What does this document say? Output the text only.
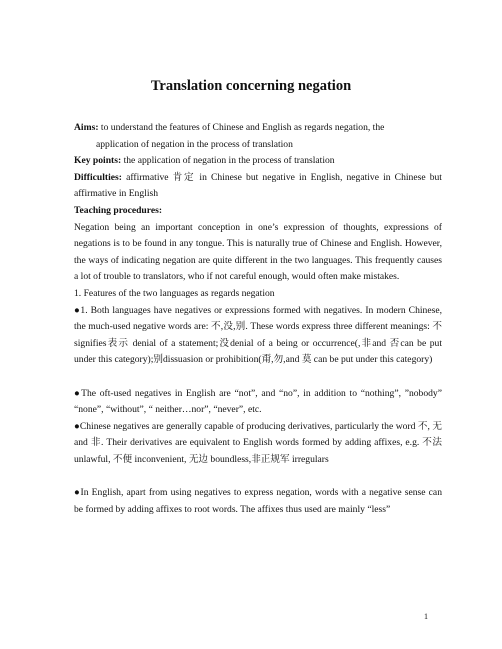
Translation concerning negation

Aims: to understand the features of Chinese and English as regards negation, the

application of negation in the process of translation

Key points: the application of negation in the process of translation

Difficulties: affirmative 肯定 in Chinese but negative in English, negative in Chinese but affirmative in English

Teaching procedures:

Negation being an important conception in one’s expression of thoughts, expressions of negations is to be found in any tongue. This is naturally true of Chinese and English. However, the ways of indicating negation are quite different in the two languages. This frequently causes a lot of trouble to translators, who if not careful enough, would often make mistakes.

1. Features of the two languages as regards negation

●1. Both languages have negatives or expressions formed with negatives. In modern Chinese, the much-used negative words are: 不,没,别. These words express three different meanings: 不signifies表示 denial of a statement;没denial of a being or occurrence(,非and 否can be put under this category);别dissuasion or prohibition(甭,勿,and 莫 can be put under this category)

●The oft-used negatives in English are “not”, and “no”, in addition to “nothing”, ”nobody” “none”, “without”, “ neither…nor”, “never”, etc.

●Chinese negatives are generally capable of producing derivatives, particularly the word 不, 无 and 非. Their derivatives are equivalent to English words formed by adding affixes, e.g. 不法 unlawful, 不便 inconvenient, 无边 boundless,非正规军 irregulars

●In English, apart from using negatives to express negation, words with a negative sense can be formed by adding affixes to root words. The affixes thus used are mainly “less”

1
